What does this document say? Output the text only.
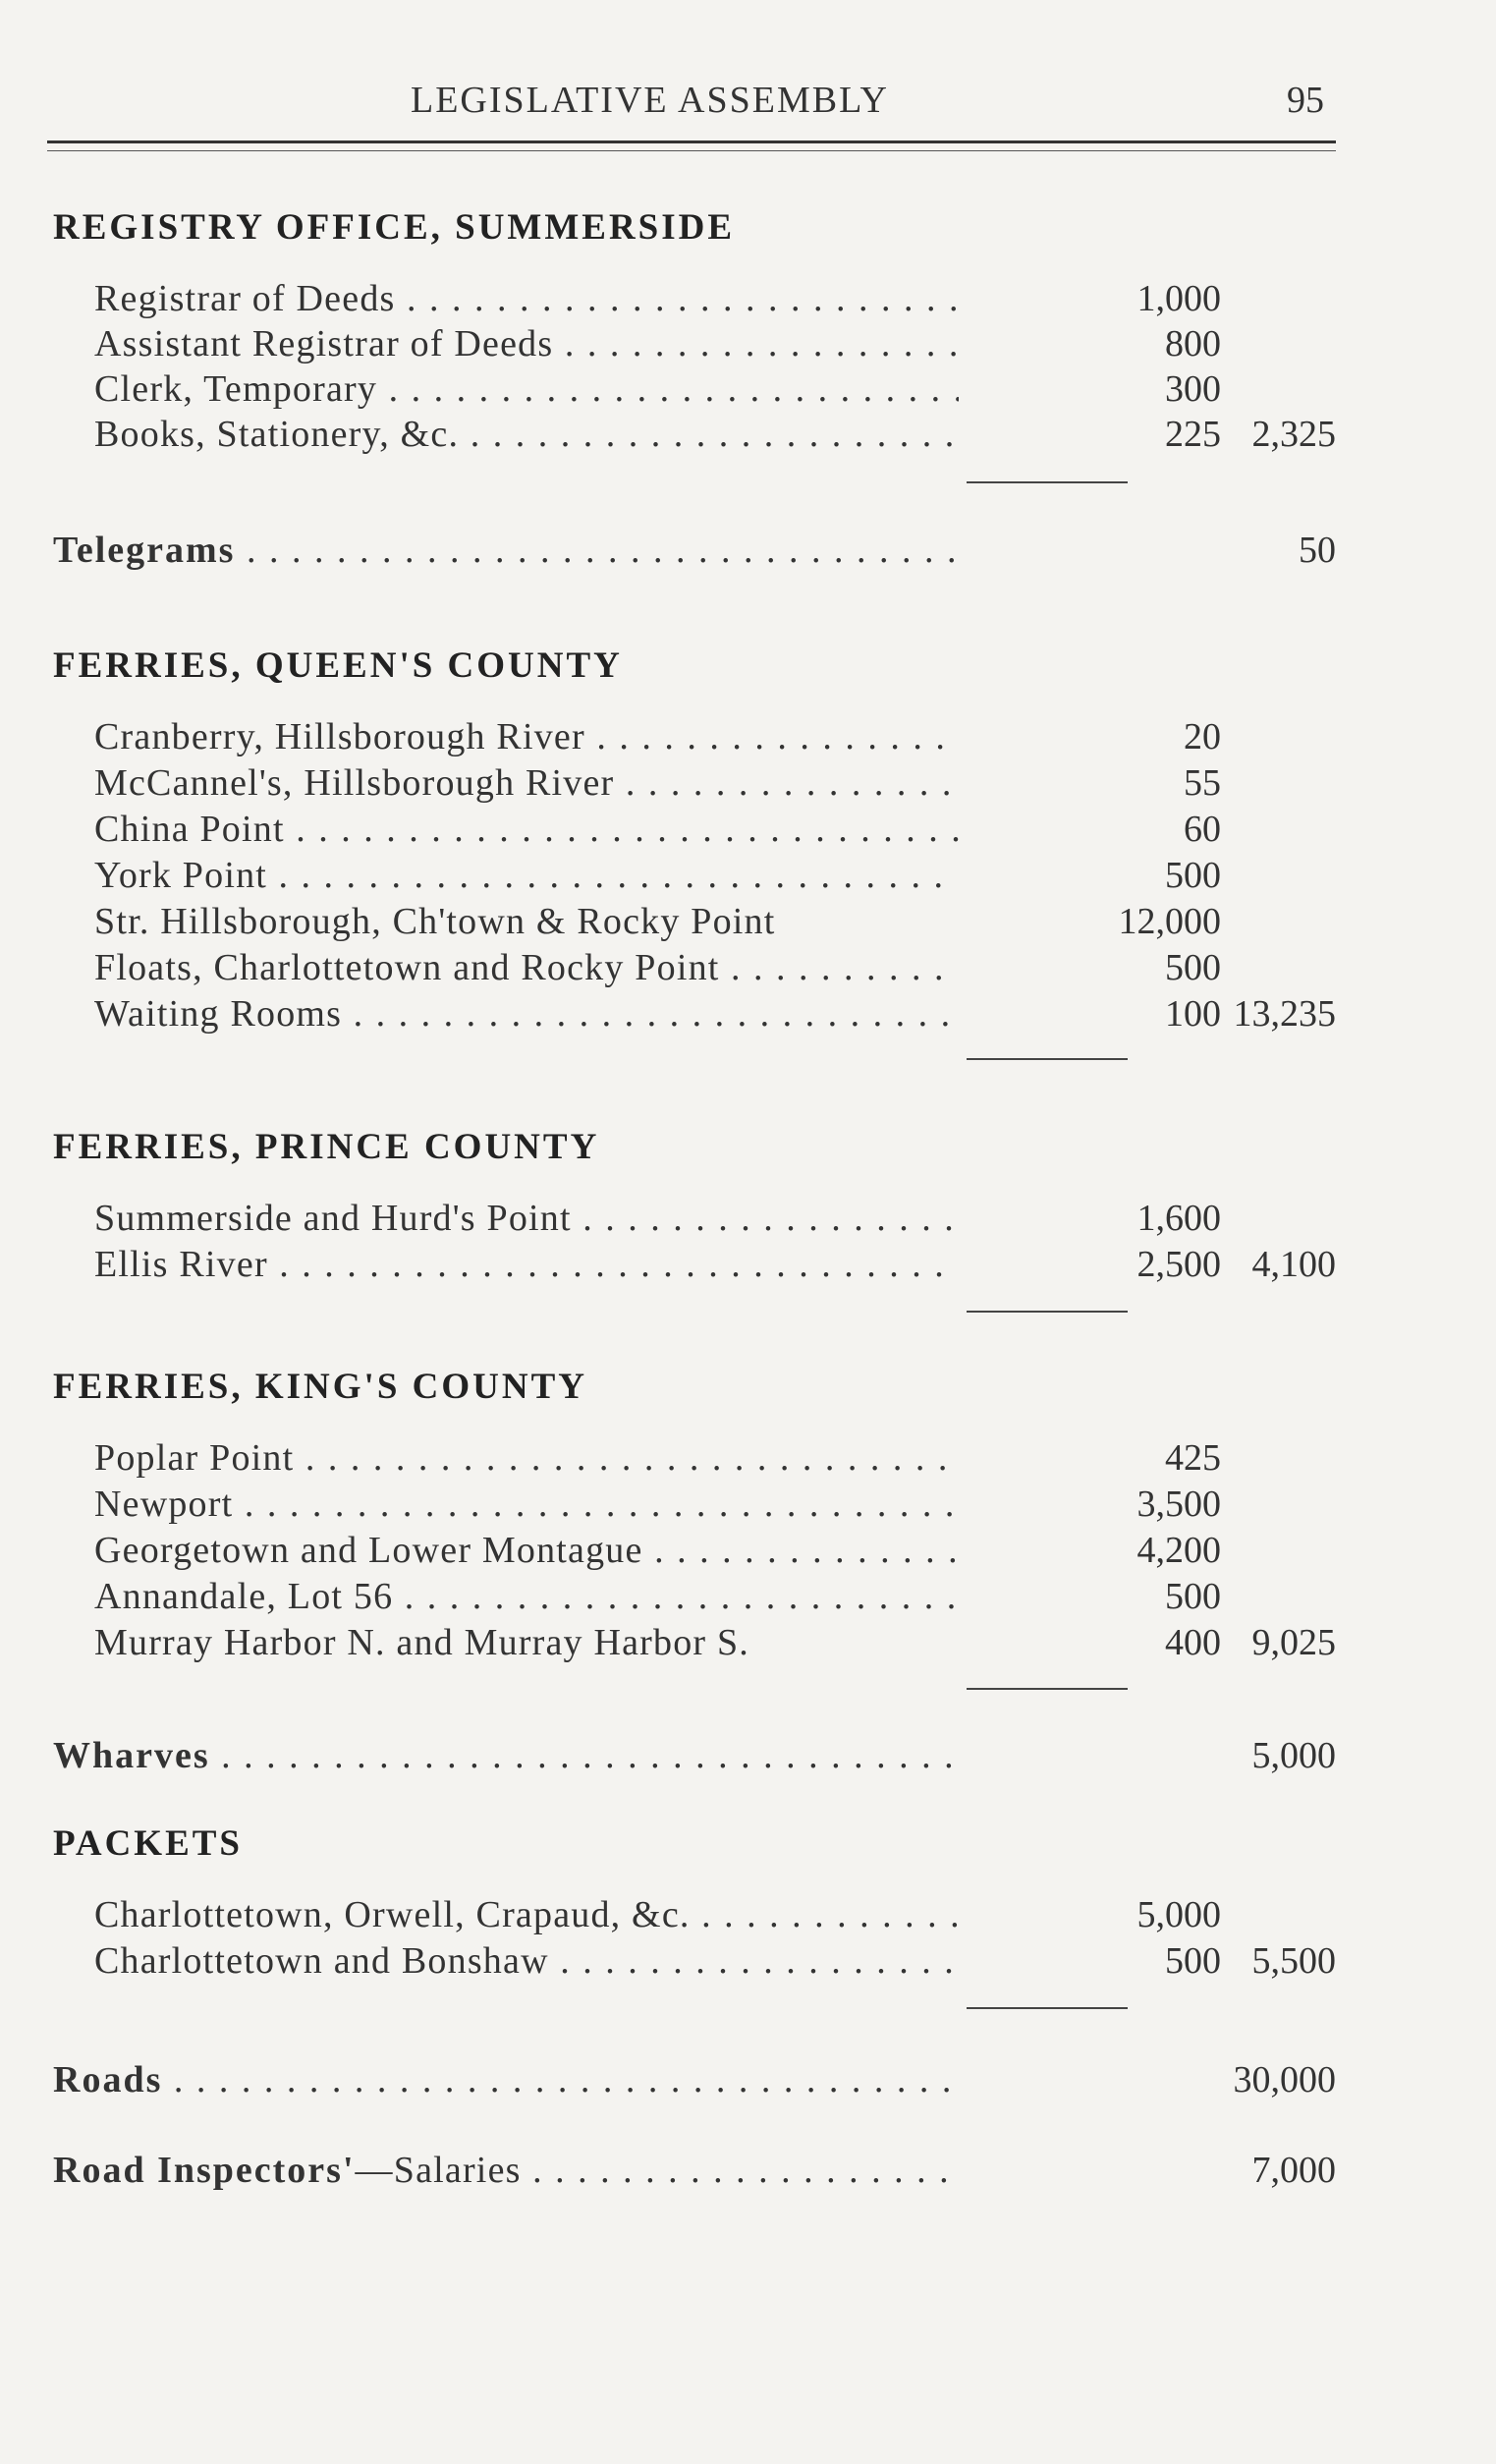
LEGISLATIVE ASSEMBLY	95
REGISTRY OFFICE, SUMMERSIDE
Registrar of Deeds . . .	1,000
Assistant Registrar of Deeds . . .	800
Clerk, Temporary . . .	300
Books, Stationery, &c. . . .	225 2,325
Telegrams . . .	50
FERRIES, QUEEN'S COUNTY
Cranberry, Hillsborough River . . .	20
McCannel's, Hillsborough River . . .	55
China Point . . .	60
York Point . . .	500
Str. Hillsborough, Ch'town & Rocky Point	12,000
Floats, Charlottetown and Rocky Point . . .	500
Waiting Rooms . . .	100 13,235
FERRIES, PRINCE COUNTY
Summerside and Hurd's Point . . .	1,600
Ellis River . . .	2,500 4,100
FERRIES, KING'S COUNTY
Poplar Point . . .	425
Newport . . .	3,500
Georgetown and Lower Montague . . .	4,200
Annandale, Lot 56 . . .	500
Murray Harbor N. and Murray Harbor S.	400 9,025
Wharves . . .	5,000
PACKETS
Charlottetown, Orwell, Crapaud, &c. . . .	5,000
Charlottetown and Bonshaw . . .	500 5,500
Roads . . .	30,000
Road Inspectors'—Salaries . . .	7,000
